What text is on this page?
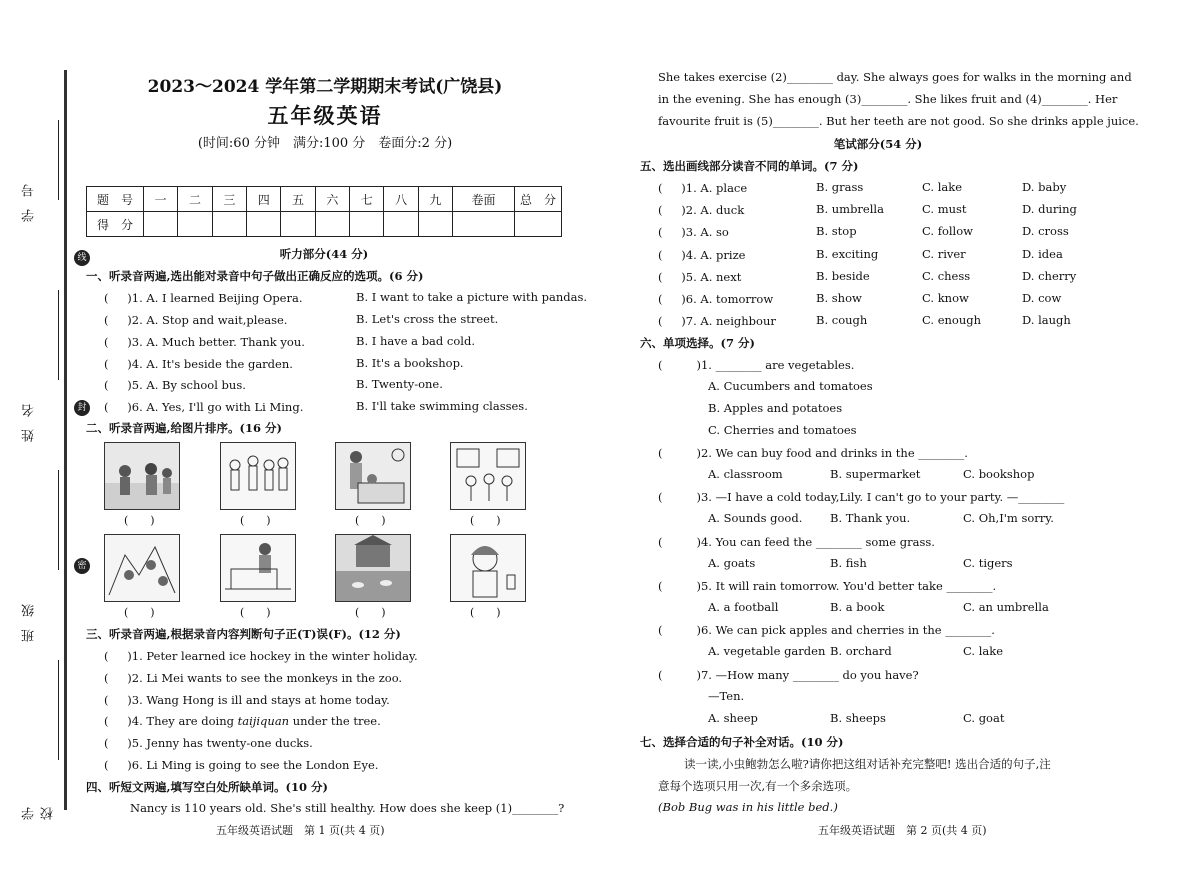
学 号
姓 名
班 级
学 校
线
封
密
2023～2024 学年第二学期期末考试(广饶县)
五年级英语
(时间:60 分钟　满分:100 分　卷面分:2 分)
题　号	一	二	三	四	五	六	七	八	九	卷面	总　分
得　分											
听力部分(44 分)
一、听录音两遍,选出能对录音中句子做出正确反应的选项。(6 分)
( 　 )1. A. I learned Beijing Opera.	B. I want to take a picture with pandas.
( 　 )2. A. Stop and wait,please.	B. Let's cross the street.
( 　 )3. A. Much better. Thank you.	B. I have a bad cold.
( 　 )4. A. It's beside the garden.	B. It's a bookshop.
( 　 )5. A. By school bus.	B. Twenty-one.
( 　 )6. A. Yes, I'll go with Li Ming.	B. I'll take swimming classes.
二、听录音两遍,给图片排序。(16 分)
(　　)	(　　)	(　　)	(　　)
(　　)	(　　)	(　　)	(　　)
三、听录音两遍,根据录音内容判断句子正(T)误(F)。(12 分)
( 　 )1. Peter learned ice hockey in the winter holiday.
( 　 )2. Li Mei wants to see the monkeys in the zoo.
( 　 )3. Wang Hong is ill and stays at home today.
( 　 )4. They are doing taijiquan under the tree.
( 　 )5. Jenny has twenty-one ducks.
( 　 )6. Li Ming is going to see the London Eye.
四、听短文两遍,填写空白处所缺单词。(10 分)
Nancy is 110 years old. She's still healthy. How does she keep (1)________?
五年级英语试题　第 1 页(共 4 页)
She takes exercise (2)________ day. She always goes for walks in the morning and
in the evening. She has enough (3)________. She likes fruit and (4)________. Her
favourite fruit is (5)________. But her teeth are not good. So she drinks apple juice.
笔试部分(54 分)
五、选出画线部分读音不同的单词。(7 分)
( 　 )1. A. place	B. grass	C. lake	D. baby
( 　 )2. A. duck	B. umbrella	C. must	D. during
( 　 )3. A. so	B. stop	C. follow	D. cross
( 　 )4. A. prize	B. exciting	C. river	D. idea
( 　 )5. A. next	B. beside	C. chess	D. cherry
( 　 )6. A. tomorrow	B. show	C. know	D. cow
( 　 )7. A. neighbour	B. cough	C. enough	D. laugh
六、单项选择。(7 分)
( 　 　 )1. ________ are vegetables.
A. Cucumbers and tomatoes
B. Apples and potatoes
C. Cherries and tomatoes
( 　 　 )2. We can buy food and drinks in the ________.
A. classroom	B. supermarket	C. bookshop
( 　 　 )3. —I have a cold today,Lily. I can't go to your party. —________
A. Sounds good. B. Thank you.	C. Oh,I'm sorry.
( 　 　 )4. You can feed the ________ some grass.
A. goats	B. fish	C. tigers
( 　 　 )5. It will rain tomorrow. You'd better take ________.
A. a football	B. a book	C. an umbrella
( 　 　 )6. We can pick apples and cherries in the ________.
A. vegetable garden B. orchard	C. lake
( 　 　 )7. —How many ________ do you have?
—Ten.
A. sheep	B. sheeps	C. goat
七、选择合适的句子补全对话。(10 分)
读一读,小虫鲍勃怎么啦?请你把这组对话补充完整吧! 选出合适的句子,注
意每个选项只用一次,有一个多余选项。
(Bob Bug was in his little bed.)
五年级英语试题　第 2 页(共 4 页)
